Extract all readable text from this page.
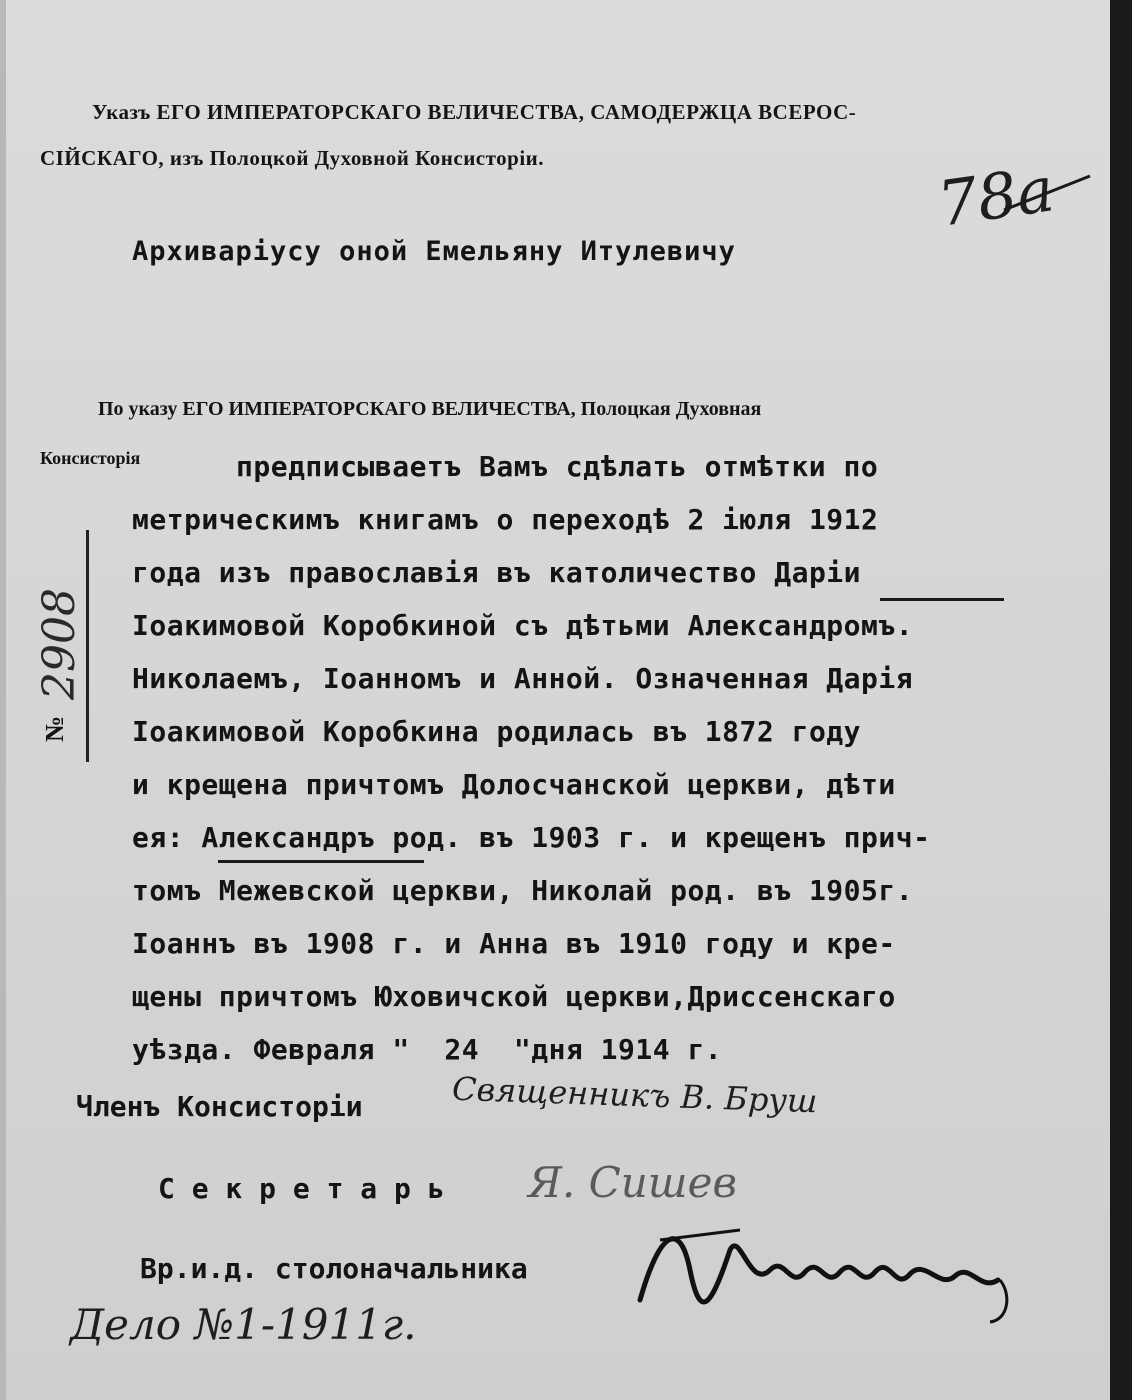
Указъ ЕГО ИМПЕРАТОРСКАГО ВЕЛИЧЕСТВА, САМОДЕРЖЦА ВСЕРОС-
СІЙСКАГО, изъ Полоцкой Духовной Консисторіи.	78a
Архиваріусу оной Емельяну Итулевичу
По указу ЕГО ИМПЕРАТОРСКАГО ВЕЛИЧЕСТВА, Полоцкая Духовная
Консисторія	предписываетъ Вамъ сдѣлать отмѣтки по
метрическимъ книгамъ о переходѣ 2 іюля 1912
года изъ православія въ католичество Даріи
Іоакимовой Коробкиной съ дѣтьми Александромъ.
Николаемъ, Іоанномъ и Анной. Означенная Дарія
Іоакимовой Коробкина родилась въ 1872 году
и крещена причтомъ Долосчанской церкви, дѣти
ея: Александръ род. въ 1903 г. и крещенъ прич-
томъ Межевской церкви, Николай род. въ 1905г.
Іоаннъ въ 1908 г. и Анна въ 1910 году и кре-
щены причтомъ Юховичской церкви,Дриссенскаго
уѣзда. Февраля "  24  "дня 1914 г.
2908
№
Членъ Консисторіи	Священникъ В. Бруш
С е к р е т а р ь Я. Сишев
Вр.и.д. столоначальника
Дело №1-1911г.
